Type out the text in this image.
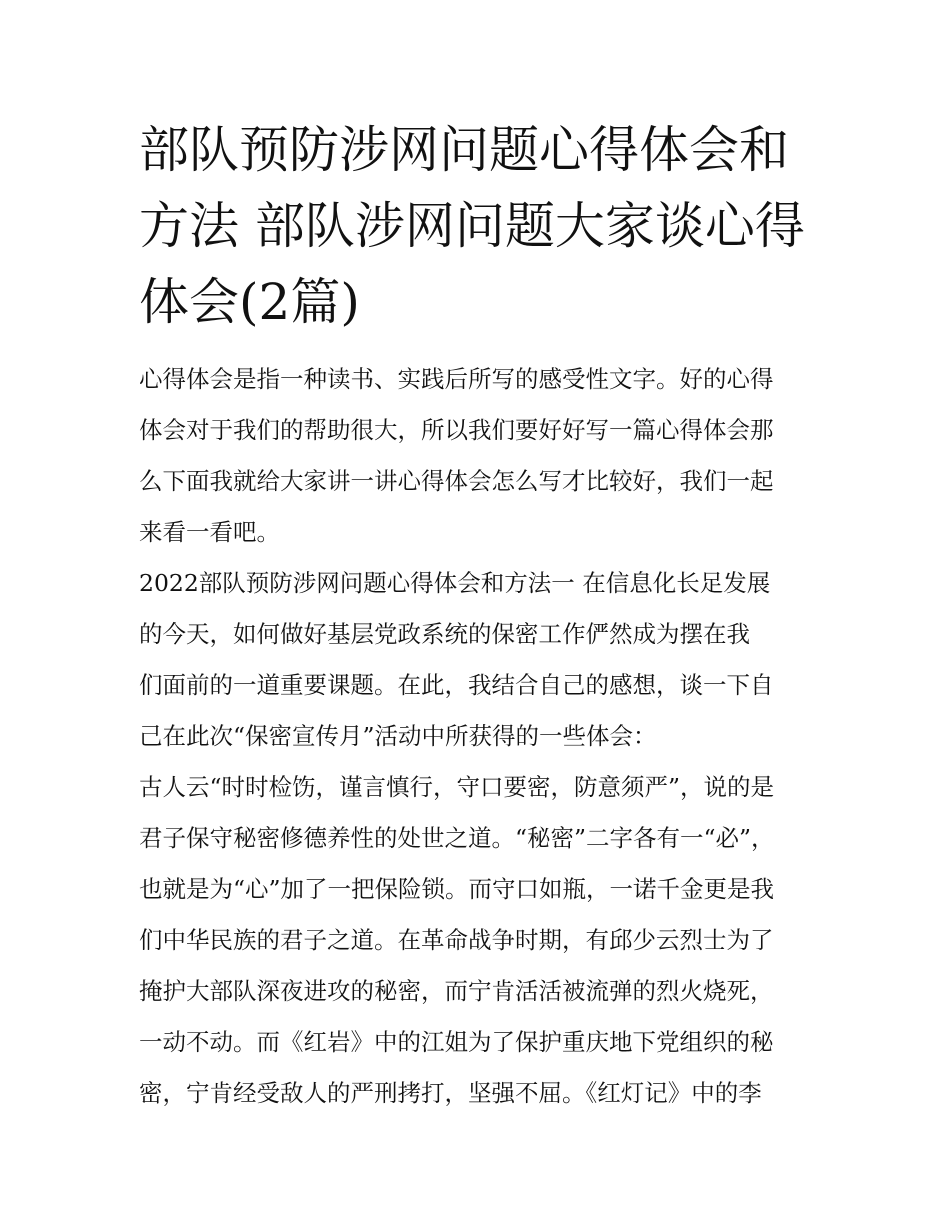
部队预防涉网问题心得体会和
方法 部队涉网问题大家谈心得
体会(2篇)
心得体会是指一种读书、实践后所写的感受性文字。好的心得
体会对于我们的帮助很大，所以我们要好好写一篇心得体会那
么下面我就给大家讲一讲心得体会怎么写才比较好，我们一起
来看一看吧。
2022部队预防涉网问题心得体会和方法一 在信息化长足发展
的今天，如何做好基层党政系统的保密工作俨然成为摆在我
们面前的一道重要课题。在此，我结合自己的感想，谈一下自
己在此次“保密宣传月”活动中所获得的一些体会：
古人云“时时检饬，谨言慎行，守口要密，防意须严”，说的是
君子保守秘密修德养性的处世之道。“秘密”二字各有一“必”，
也就是为“心”加了一把保险锁。而守口如瓶，一诺千金更是我
们中华民族的君子之道。在革命战争时期，有邱少云烈士为了
掩护大部队深夜进攻的秘密，而宁肯活活被流弹的烈火烧死，
一动不动。而《红岩》中的江姐为了保护重庆地下党组织的秘
密，宁肯经受敌人的严刑拷打，坚强不屈。《红灯记》中的李
